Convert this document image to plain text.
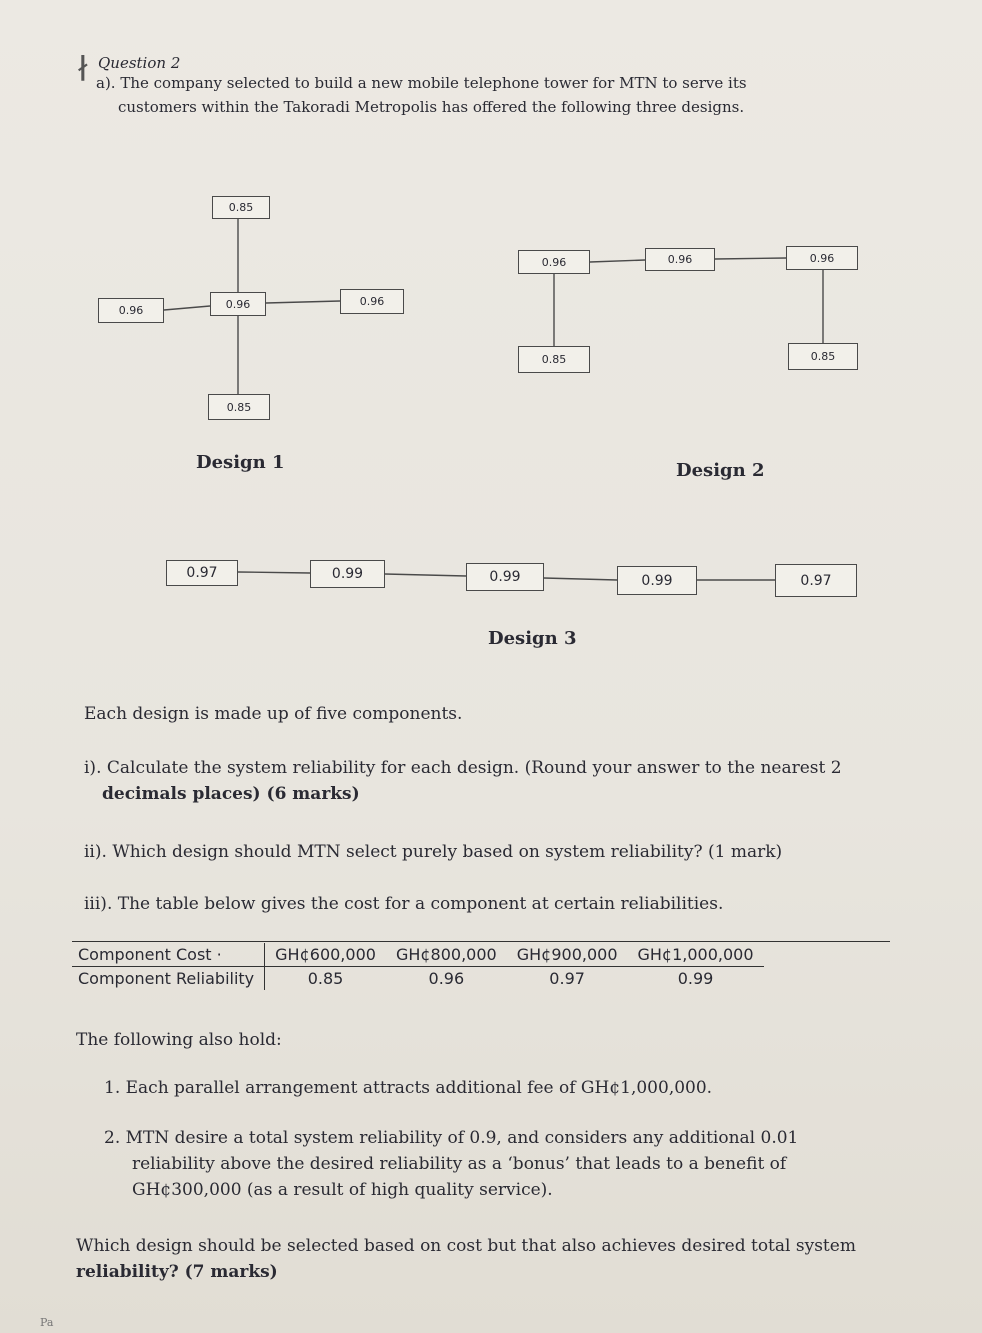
ł Question 2
a). The company selected to build a new mobile telephone tower for MTN to serve its
customers within the Takoradi Metropolis has offered the following three designs.
0.85
0.96	0.96	0.96
0.85
Design 1
0.96	0.96	0.96
0.85	0.85
Design 2
0.97	0.99	0.99	0.99	0.97
Design 3
Each design is made up of five components.
i). Calculate the system reliability for each design. (Round your answer to the nearest 2
decimals places) (6 marks)
ii). Which design should MTN select purely based on system reliability? (1 mark)
iii). The table below gives the cost for a component at certain reliabilities.
Component Cost ·	GH¢600,000	GH¢800,000	GH¢900,000	GH¢1,000,000
Component Reliability	0.85	0.96	0.97	0.99
The following also hold:
1. Each parallel arrangement attracts additional fee of GH¢1,000,000.
2. MTN desire a total system reliability of 0.9, and considers any additional 0.01
reliability above the desired reliability as a ‘bonus’ that leads to a benefit of
GH¢300,000 (as a result of high quality service).
Which design should be selected based on cost but that also achieves desired total system
reliability? (7 marks)
Pa
